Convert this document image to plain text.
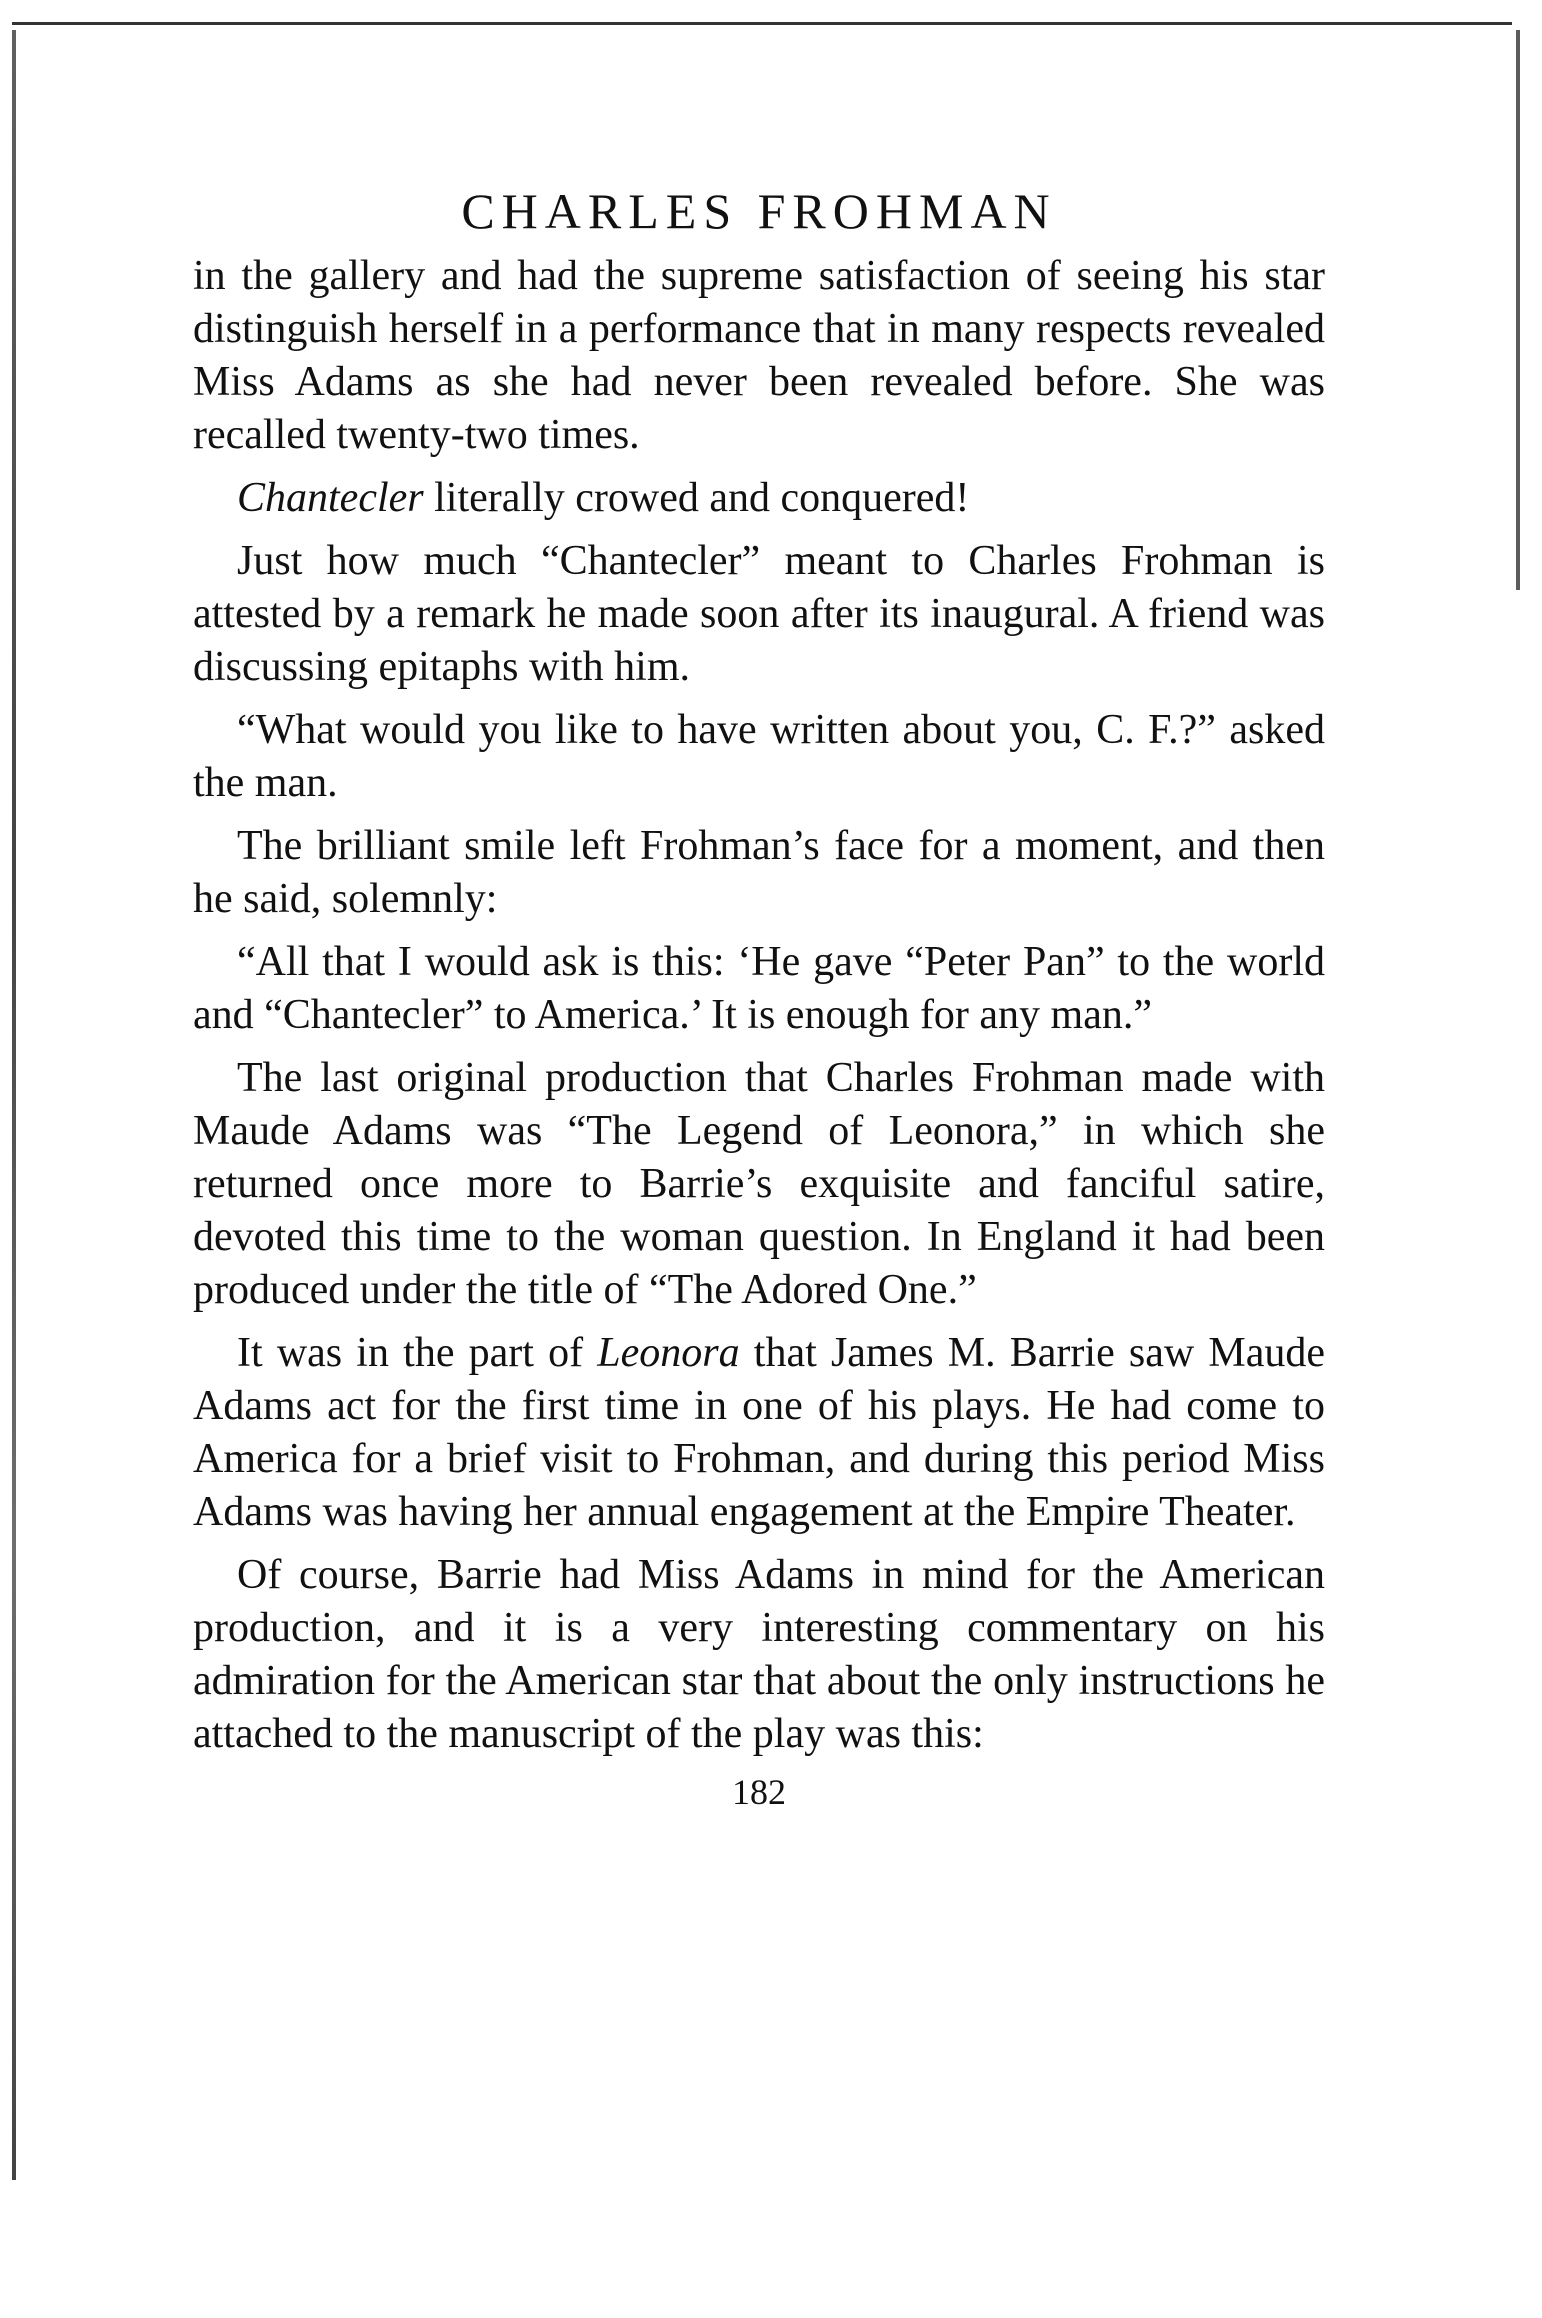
CHARLES FROHMAN

in the gallery and had the supreme satisfaction of seeing his star distinguish herself in a performance that in many respects revealed Miss Adams as she had never been revealed before. She was recalled twenty-two times.

Chantecler literally crowed and conquered!

Just how much “Chantecler” meant to Charles Frohman is attested by a remark he made soon after its inaugural. A friend was discussing epitaphs with him.

“What would you like to have written about you, C. F.?” asked the man.

The brilliant smile left Frohman’s face for a moment, and then he said, solemnly:

“All that I would ask is this: ‘He gave “Peter Pan” to the world and “Chantecler” to America.’ It is enough for any man.”

The last original production that Charles Frohman made with Maude Adams was “The Legend of Leonora,” in which she returned once more to Barrie’s exquisite and fanciful satire, devoted this time to the woman question. In England it had been produced under the title of “The Adored One.”

It was in the part of Leonora that James M. Barrie saw Maude Adams act for the first time in one of his plays. He had come to America for a brief visit to Frohman, and during this period Miss Adams was having her annual engagement at the Empire Theater.

Of course, Barrie had Miss Adams in mind for the American production, and it is a very interesting commentary on his admiration for the American star that about the only instructions he attached to the manuscript of the play was this:

182
